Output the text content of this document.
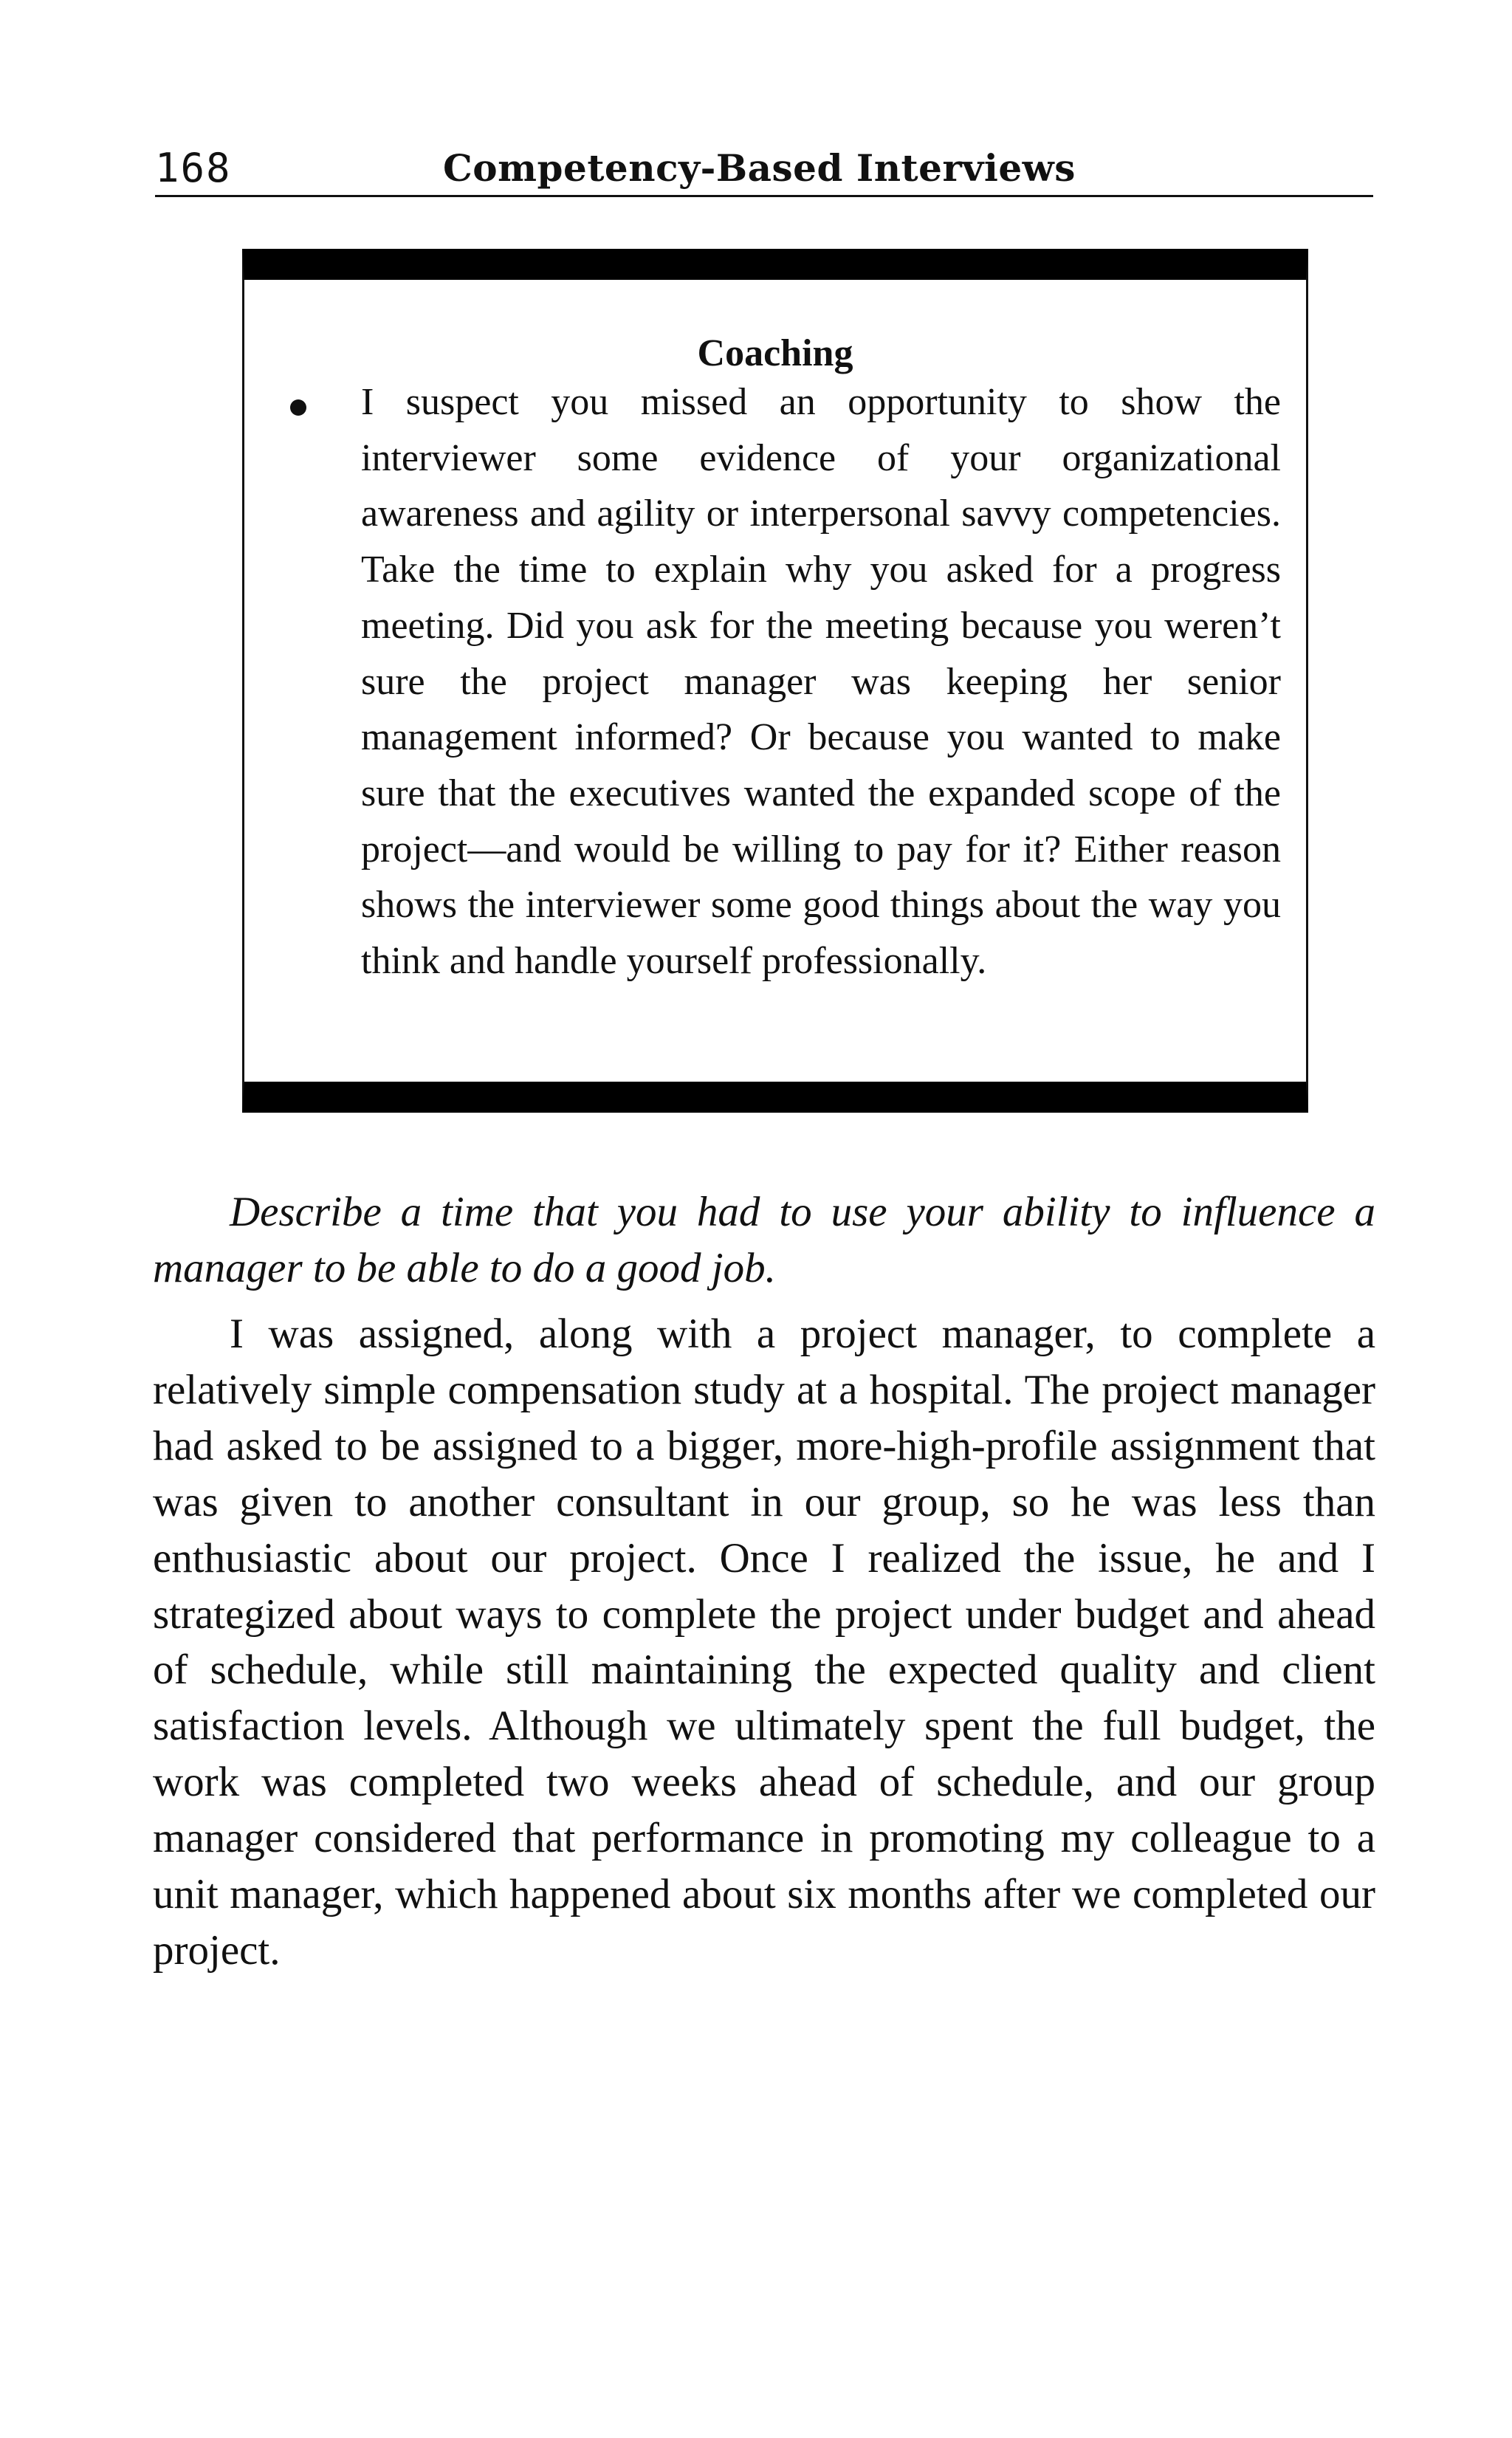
168	Competency-Based Interviews
Coaching
I suspect you missed an opportunity to show the interviewer some evidence of your organizational awareness and agility or interpersonal savvy competencies. Take the time to explain why you asked for a progress meeting. Did you ask for the meeting because you weren’t sure the project manager was keeping her senior management informed? Or because you wanted to make sure that the executives wanted the expanded scope of the project—and would be willing to pay for it? Either reason shows the interviewer some good things about the way you think and handle yourself professionally.

Describe a time that you had to use your ability to influence a manager to be able to do a good job.

I was assigned, along with a project manager, to complete a relatively simple compensation study at a hospital. The project manager had asked to be assigned to a bigger, more-high-profile assignment that was given to another consultant in our group, so he was less than enthusiastic about our project. Once I realized the issue, he and I strategized about ways to complete the project under budget and ahead of schedule, while still maintaining the expected quality and client satisfaction levels. Although we ultimately spent the full budget, the work was completed two weeks ahead of schedule, and our group manager considered that performance in promoting my colleague to a unit manager, which happened about six months after we completed our project.
